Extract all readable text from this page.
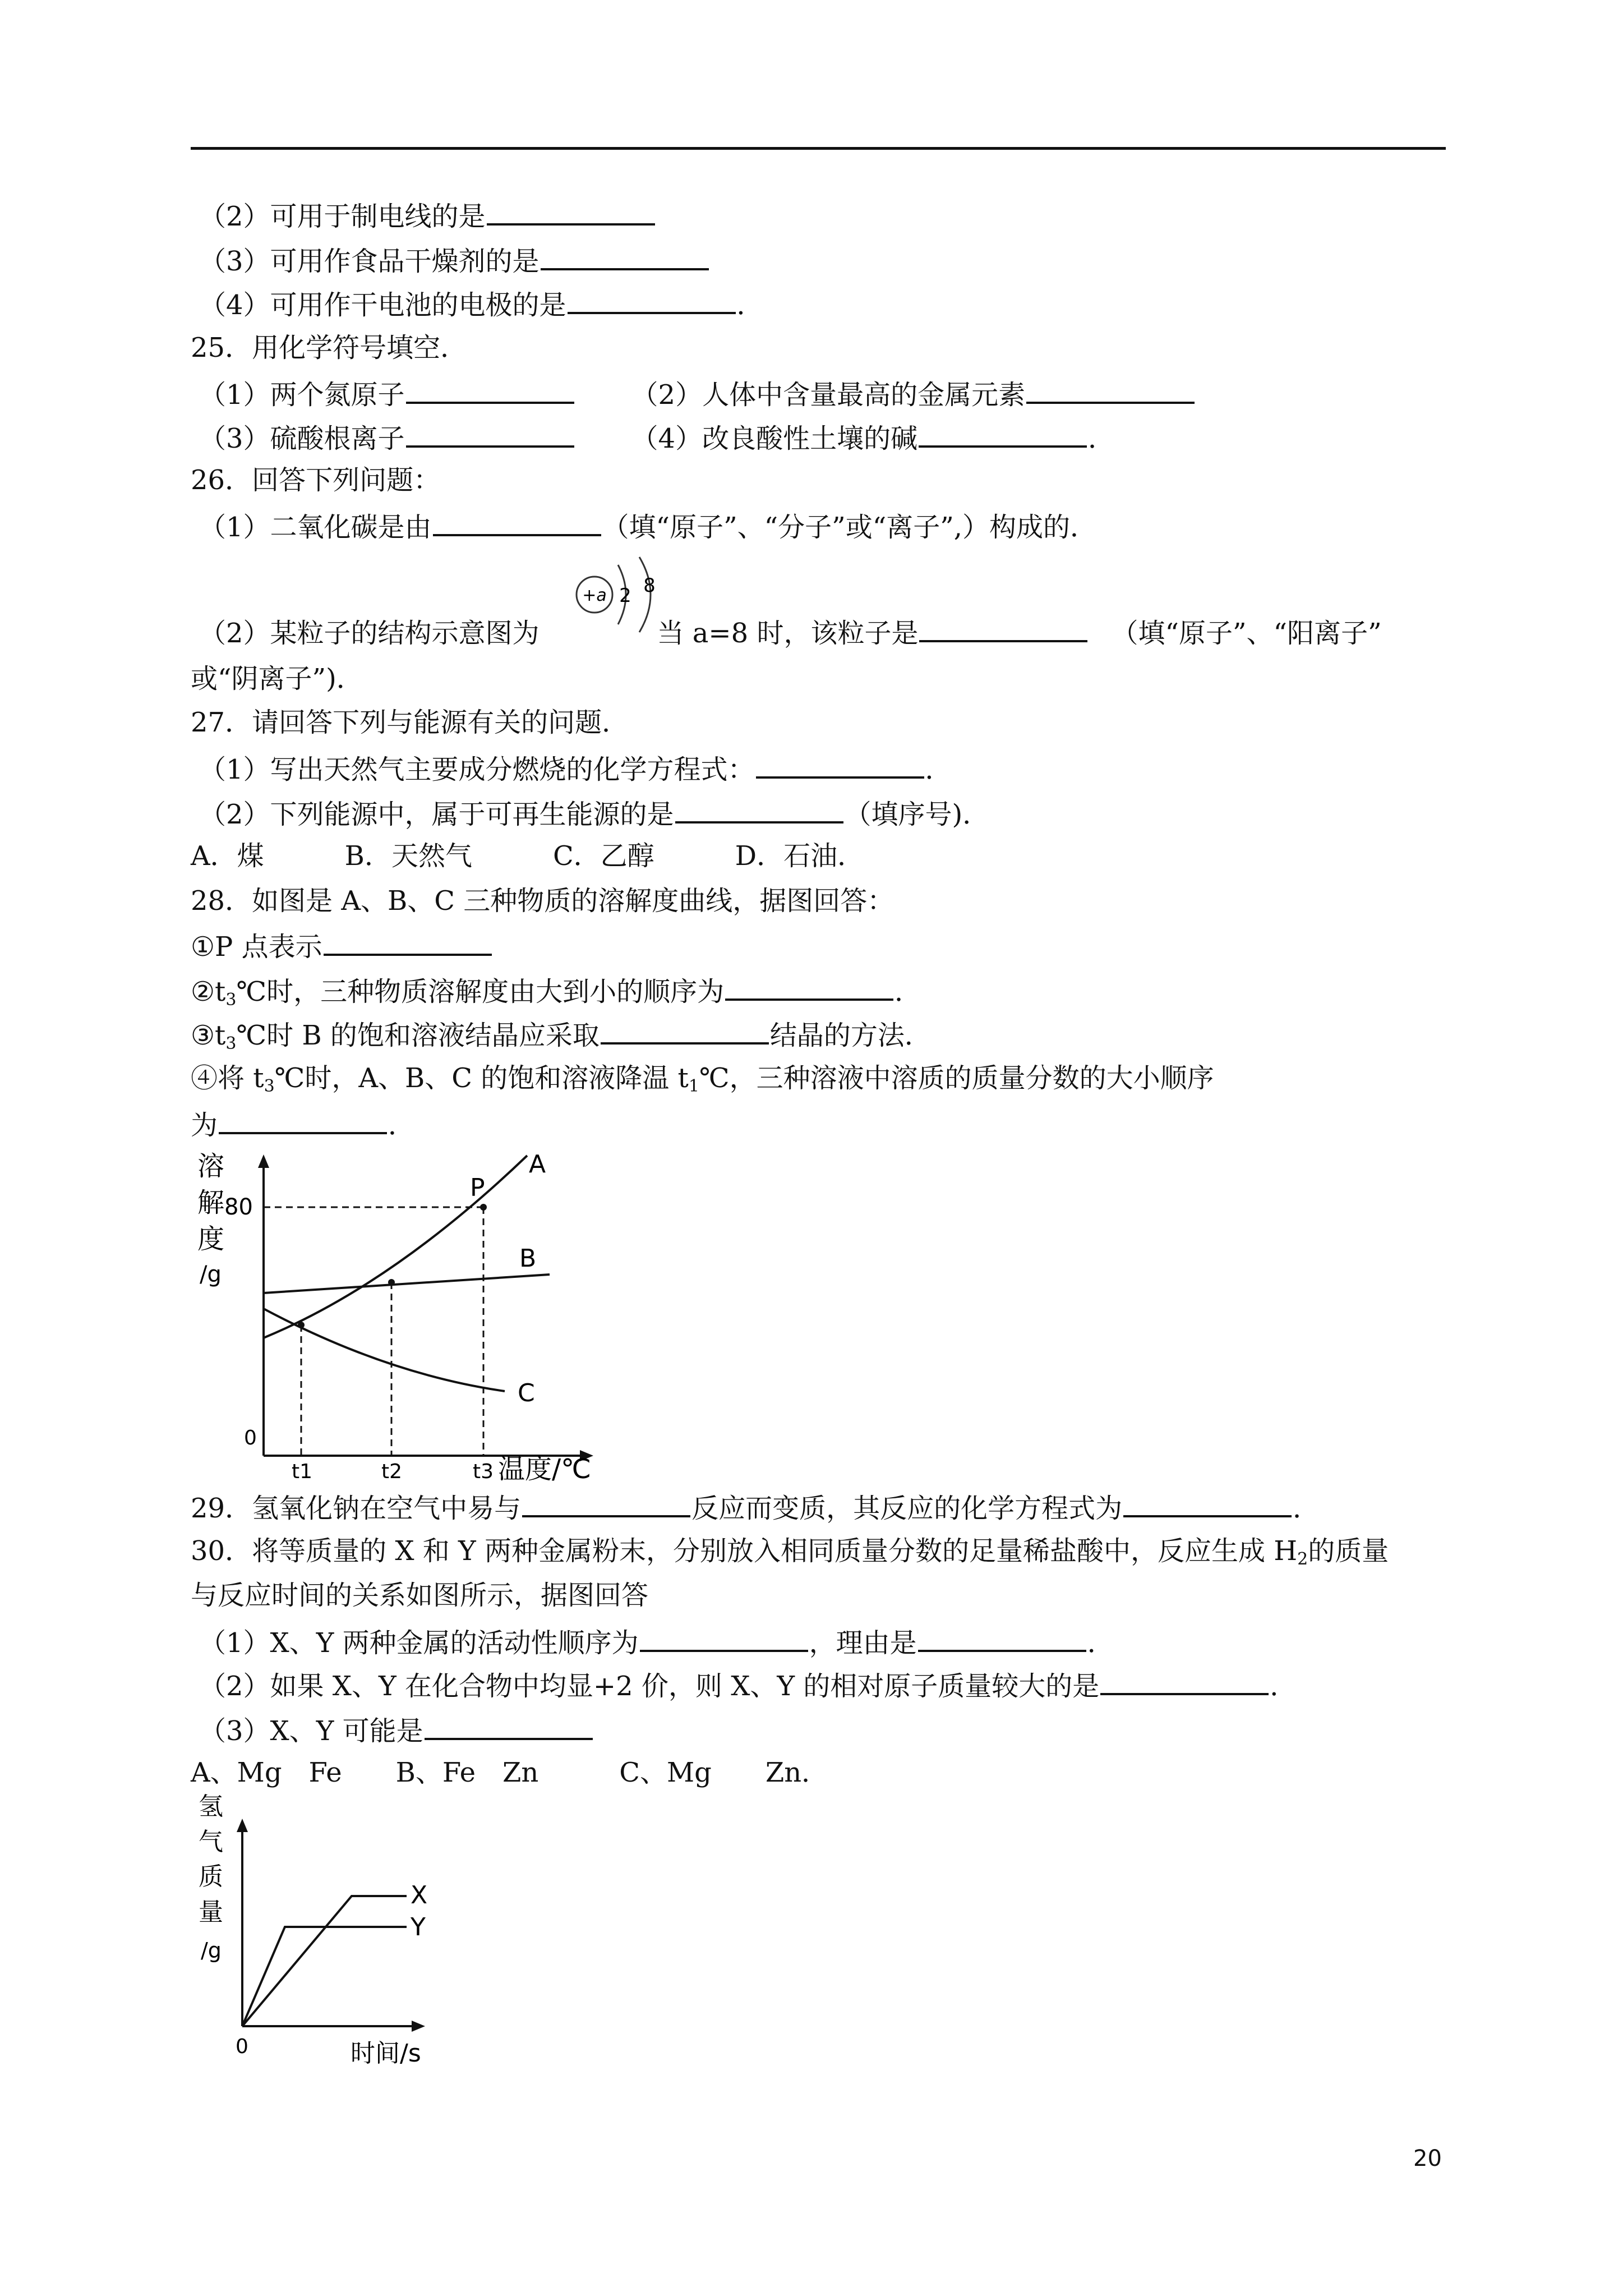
（2）可用于制电线的是
（3）可用作食品干燥剂的是
（4）可用作干电池的电极的是	．
25．用化学符号填空．
（1）两个氮原子	（2）人体中含量最高的金属元素
（3）硫酸根离子	（4）改良酸性土壤的碱	．
26．回答下列问题：
（1）二氧化碳是由	（填“原子”、“分子”或“离子”,）构成的．
（2）某粒子的结构示意图为	当 a=8 时，该粒子是	（填“原子”、“阳离子”
或“阴离子”)．
+a 2 8
27．请回答下列与能源有关的问题．
（1）写出天然气主要成分燃烧的化学方程式：	．
（2）下列能源中，属于可再生能源的是	（填序号)．
A．煤　　　B．天然气　　　C．乙醇　　　D．石油．
28．如图是 A、B、C 三种物质的溶解度曲线，据图回答：
①P 点表示
$②t_3℃$时，三种物质溶解度由大到小的顺序为	．
$③t_3℃$时 B 的饱和溶液结晶应采取	结晶的方法．
④将 $t_3℃$时，A、B、C 的饱和溶液降温 $t_1℃$，三种溶液中溶质的质量分数的大小顺序
为	．
溶
解
度
/g
0
80
P
A
B
C
t1	t2	t3 温度/℃
29．氢氧化钠在空气中易与	反应而变质，其反应的化学方程式为	．
30．将等质量的 X 和 Y 两种金属粉末，分别放入相同质量分数的足量稀盐酸中，反应生成 $H_2$的质量
与反应时间的关系如图所示，据图回答
（1）X、Y 两种金属的活动性顺序为	，理由是	．
（2）如果 X、Y 在化合物中均显+2 价，则 X、Y 的相对原子质量较大的是	．
（3）X、Y 可能是
A、Mg　Fe　　B、Fe　Zn　　　C、Mg　　Zn．
氢
气
质
量
/g
0	时间/s
X
Y
20
